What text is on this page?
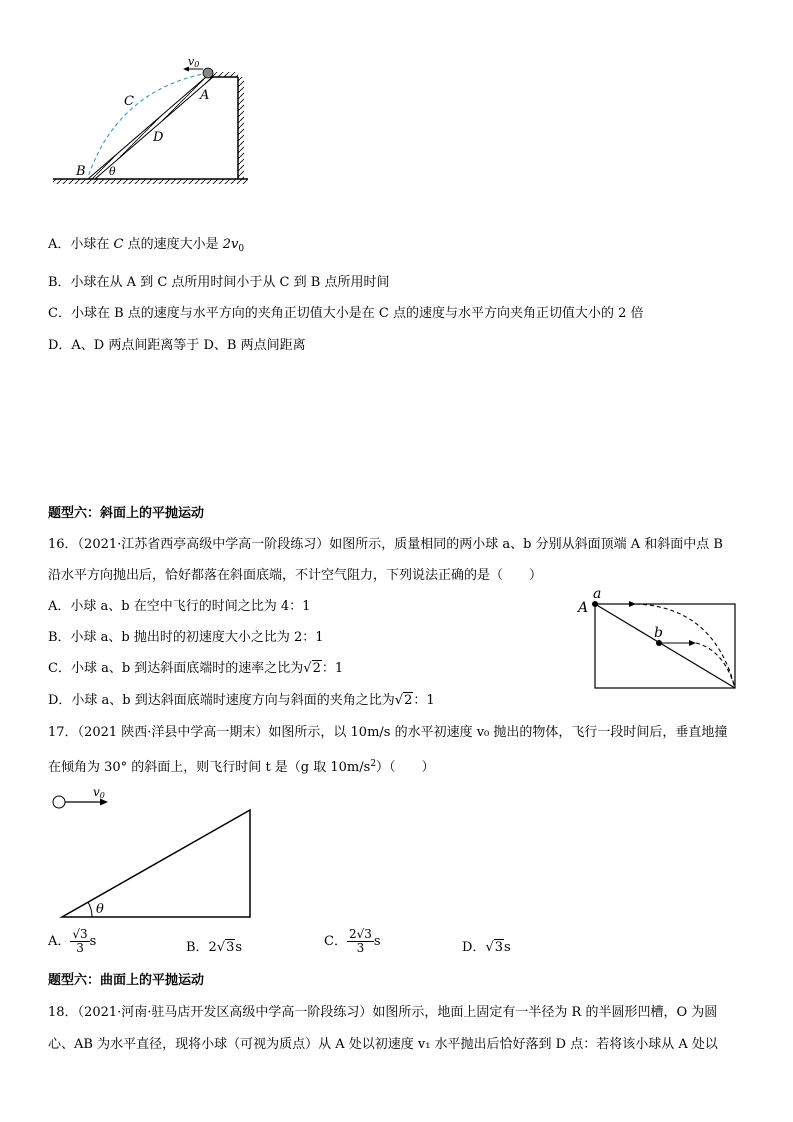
v0
A
C
D
B θ
A．小球在 C 点的速度大小是 $2v_0$
B．小球在从 A 到 C 点所用时间小于从 C 到 B 点所用时间
C．小球在 B 点的速度与水平方向的夹角正切值大小是在 C 点的速度与水平方向夹角正切值大小的 2 倍
D．A、D 两点间距离等于 D、B 两点间距离
题型六：斜面上的平抛运动
16．（2021·江苏省西亭高级中学高一阶段练习）如图所示，质量相同的两小球 a、b 分别从斜面顶端 A 和斜面中点 B
沿水平方向抛出后，恰好都落在斜面底端，不计空气阻力，下列说法正确的是（　　）
A．小球 a、b 在空中飞行的时间之比为 4：1
B．小球 a、b 抛出时的初速度大小之比为 2：1
C．小球 a、b 到达斜面底端时的速率之比为√2：1
D．小球 a、b 到达斜面底端时速度方向与斜面的夹角之比为√2：1
A
a
b
17．（2021 陕西·洋县中学高一期末）如图所示，以 10m/s 的水平初速度 v₀ 抛出的物体，飞行一段时间后，垂直地撞
在倾角为 30° 的斜面上，则飞行时间 t 是（g 取 $10m/s^2$）（　　）
v0
θ
A． $\frac{√3}{3}$ s	B．2√3s	C． $\frac{2√3}{3}$ s	D．√3s
题型六：曲面上的平抛运动
18．（2021·河南·驻马店开发区高级中学高一阶段练习）如图所示，地面上固定有一半径为 R 的半圆形凹槽，O 为圆
心、AB 为水平直径，现将小球（可视为质点）从 A 处以初速度 v₁ 水平抛出后恰好落到 D 点：若将该小球从 A 处以
